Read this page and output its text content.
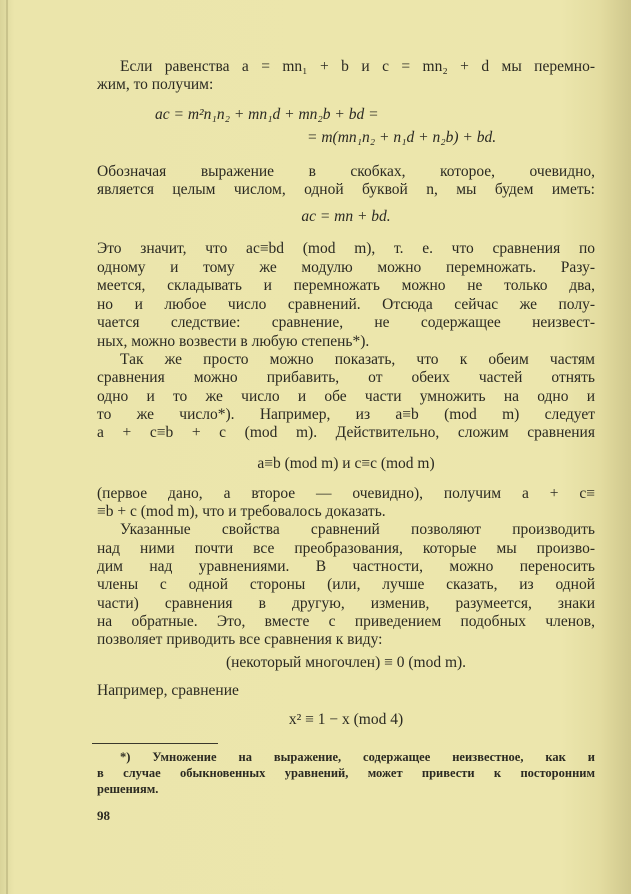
Если равенства a = mn₁ + b и c = mn₂ + d мы перемно-
жим, то получим:
ac = m²n₁n₂ + mn₁d + mn₂b + bd =
= m(mn₁n₂ + n₁d + n₂b) + bd.
Обозначая выражение в скобках, которое, очевидно,
является целым числом, одной буквой n, мы будем иметь:
ac = mn + bd.
Это значит, что ac≡bd (mod m), т. е. что сравнения по
одному и тому же модулю можно перемножать. Разу-
меется, складывать и перемножать можно не только два,
но и любое число сравнений. Отсюда сейчас же полу-
чается следствие: сравнение, не содержащее неизвест-
ных, можно возвести в любую степень*).
Так же просто можно показать, что к обеим частям
сравнения можно прибавить, от обеих частей отнять
одно и то же число и обе части умножить на одно и
то же число*). Например, из a≡b (mod m) следует
a + c≡b + c (mod m). Действительно, сложим сравнения
a≡b (mod m) и c≡c (mod m)
(первое дано, а второе — очевидно), получим a + c≡
≡b + c (mod m), что и требовалось доказать.
Указанные свойства сравнений позволяют производить
над ними почти все преобразования, которые мы произво-
дим над уравнениями. В частности, можно переносить
члены с одной стороны (или, лучше сказать, из одной
части) сравнения в другую, изменив, разумеется, знаки
на обратные. Это, вместе с приведением подобных членов,
позволяет приводить все сравнения к виду:
(некоторый многочлен) ≡ 0 (mod m).
Например, сравнение
x² ≡ 1 − x (mod 4)
*) Умножение на выражение, содержащее неизвестное, как и
в случае обыкновенных уравнений, может привести к посторонним
решениям.
98
